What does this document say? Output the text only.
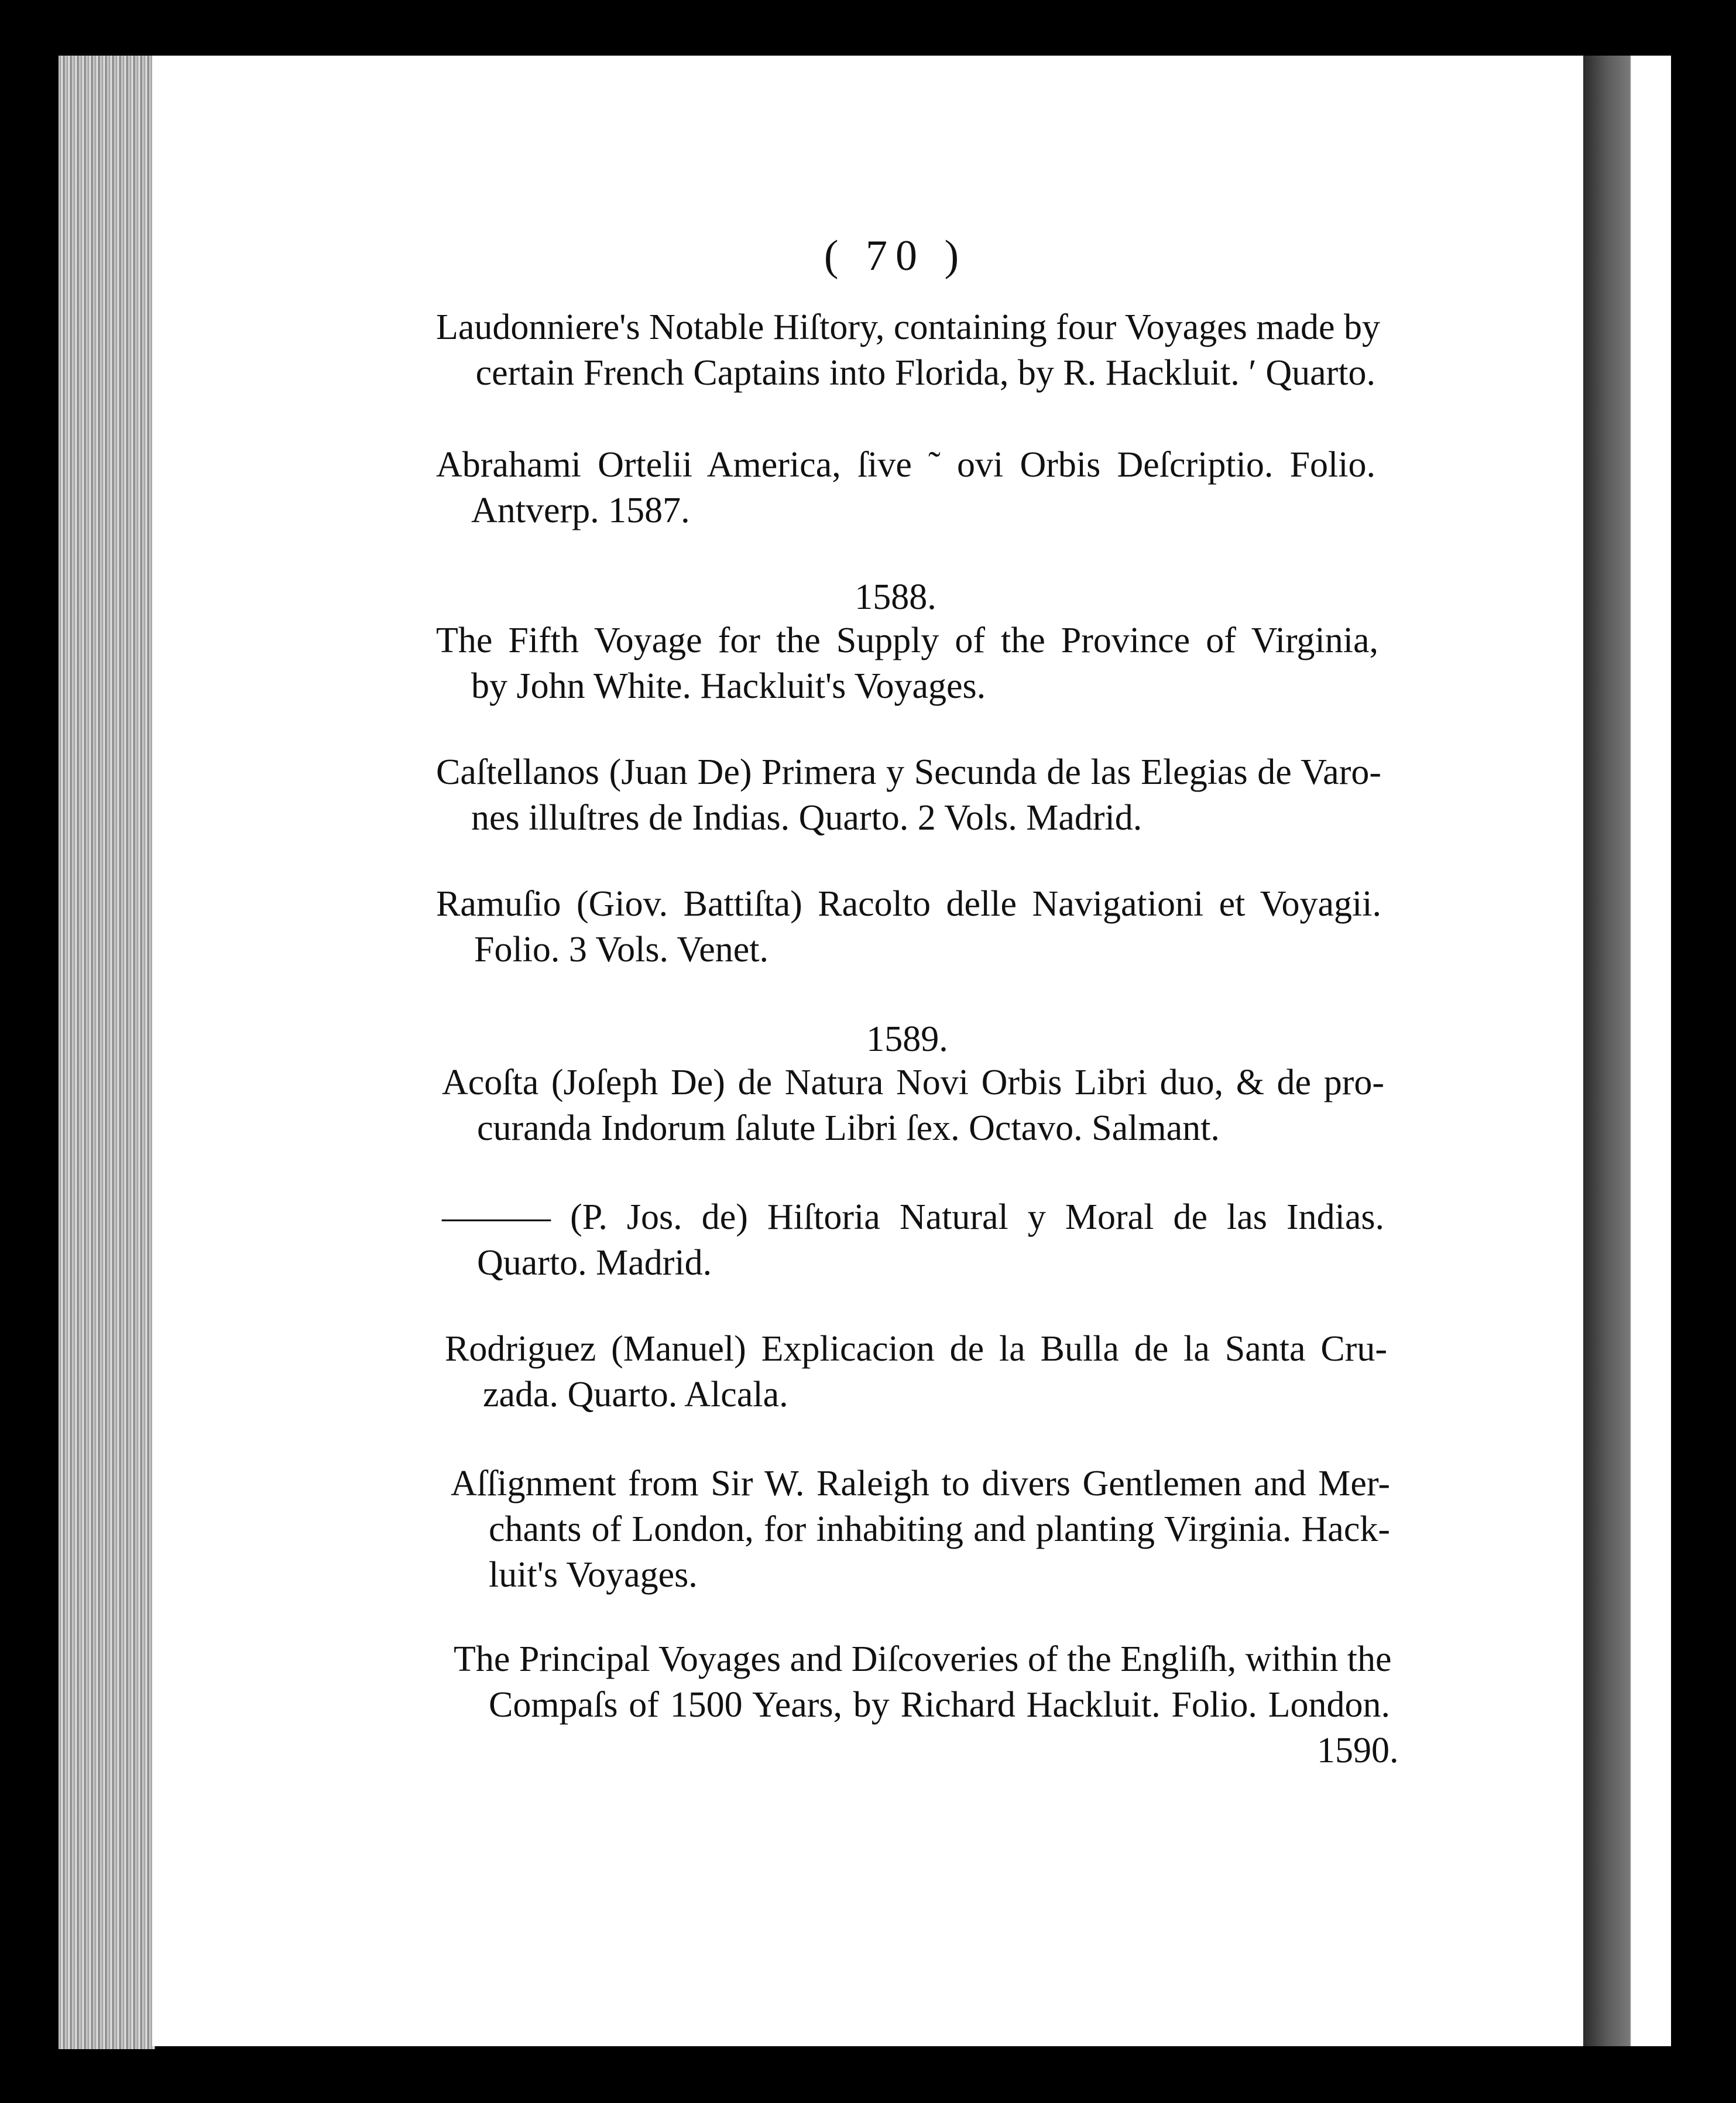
( 70 )
Laudonniere's Notable Hiſtory, containing four Voyages made by
certain French Captains into Florida, by R. Hackluit. ʹ Quarto.
Abrahami Ortelii America, ſive ˜ ovi Orbis Deſcriptio. Folio.
Antverp. 1587.
1588.
The Fifth Voyage for the Supply of the Province of Virginia,
by John White. Hackluit's Voyages.
Caſtellanos (Juan De) Primera y Secunda de las Elegias de Varo-
nes illuſtres de Indias. Quarto. 2 Vols. Madrid.
Ramuſio (Giov. Battiſta) Racolto delle Navigationi et Voyagii.
Folio. 3 Vols. Venet.
1589.
Acoſta (Joſeph De) de Natura Novi Orbis Libri duo, & de pro-
curanda Indorum ſalute Libri ſex. Octavo. Salmant.
——— (P. Jos. de) Hiſtoria Natural y Moral de las Indias.
Quarto. Madrid.
Rodriguez (Manuel) Explicacion de la Bulla de la Santa Cru-
zada. Quarto. Alcala.
Aſſignment from Sir W. Raleigh to divers Gentlemen and Mer-
chants of London, for inhabiting and planting Virginia. Hack-
luit's Voyages.
The Principal Voyages and Diſcoveries of the Engliſh, within the
Compaſs of 1500 Years, by Richard Hackluit. Folio. London.
1590.
